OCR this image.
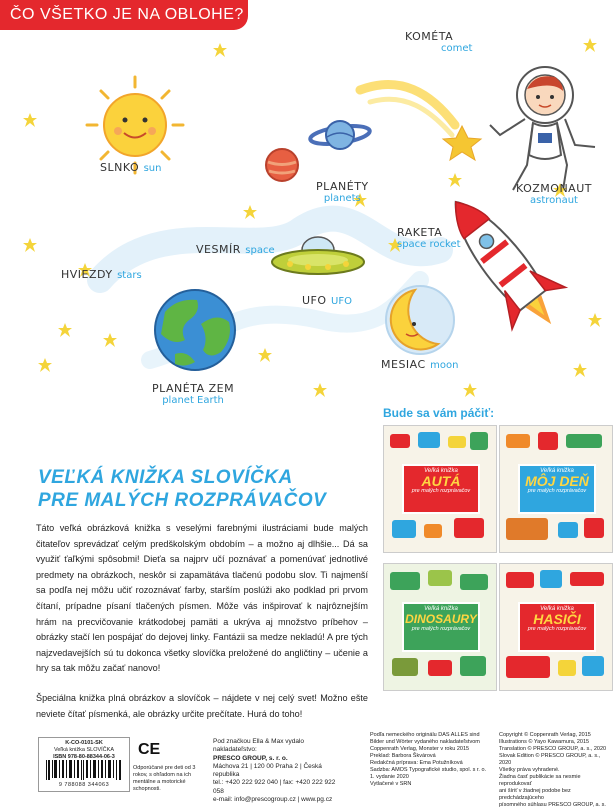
ČO VŠETKO JE NA OBLOHE?
SLNKO sun
KOMÉTA
comet
PLANÉTY
planets
KOZMONAUT
astronaut
VESMÍR space
RAKETA
space rocket
HVIEZDY stars
UFO UFO
MESIAC moon
PLANÉTA ZEM
planet Earth
Bude sa vám páčiť:
Veľká knižka
AUTÁ
pre malých rozprávačov
Veľká knižka
MÔJ DEŇ
pre malých rozprávačov
Veľká knižka
DINOSAURY
pre malých rozprávačov
Veľká knižka
HASIČI
pre malých rozprávačov
VEĽKÁ KNIŽKA SLOVÍČKA
PRE MALÝCH ROZPRÁVAČOV

Táto veľká obrázková knižka s veselými farebnými ilustráciami bude malých čitateľov sprevádzať celým predškolským obdobím – a možno aj dlhšie... Dá sa využiť ťaľkými spôsobmi! Dieťa sa najprv učí poznávať a pomenúvať jednotlivé predmety na obrázkoch, neskôr si zapamätáva tlačenú podobu slov. Ti najmenší sa podľa nej môžu učiť rozoznávať farby, starším poslúži ako podklad pri prvom čítaní, prípadne písaní tlačených písmen. Môže vás inšpirovať k najrôznejším hrám na precvičovanie krátkodobej pamäti a ukrýva aj množstvo príbehov – obrázky stačí len pospájať do dejovej linky. Fantázii sa medze nekladú! A pre tých najzvedavejších sú tu dokonca všetky slovíčka preložené do angličtiny – učenie a hry sa tak môžu začať nanovo!

Špeciálna knižka plná obrázkov a slovíčok – nájdete v nej celý svet! Možno ešte neviete čítať písmenká, ale obrázky určite prečítate. Hurá do toho!

K-CO-0101-SK
Veľká knižka SLOVÍČKA
ISBN 978-80-88344-06-3
9 788088 344063
CE
Odporúčané pre deti od 3 rokov, s ohľadom na ich mentálne a motorické schopnosti.
Pod značkou Ella & Max vydalo nakladateľstvo:
PRESCO GROUP, s. r. o.
Máchova 21 | 120 00 Praha 2 | Česká republika
tel.: +420 222 922 040 | fax: +420 222 922 058
e-mail: info@prescogroup.cz | www.pg.cz
Podľa nemeckého originálu DAS ALLES sind
Bilder und Wörter vydaného nakladateľstvom
Coppenrath Verlag, Monster v roku 2015
Preklad: Barbora Škvárová
Redakčná príprava: Ema Potužníková
Sadzba: AMOS Typografické studio, spol. s r. o.
1. vydanie 2020
Vytlačené v SRN
Copyright © Coppenrath Verlag, 2015
Illustrations © Yayo Kawamura, 2015
Translation © PRESCO GROUP, a. s., 2020
Slovak Edition © PRESCO GROUP, a. s., 2020
Všetky práva vyhradené.
Žiadna časť publikácie sa nesmie reprodukovať
ani šíriť v žiadnej podobe bez predchádzajúceho
písomného súhlasu PRESCO GROUP, a. s.
